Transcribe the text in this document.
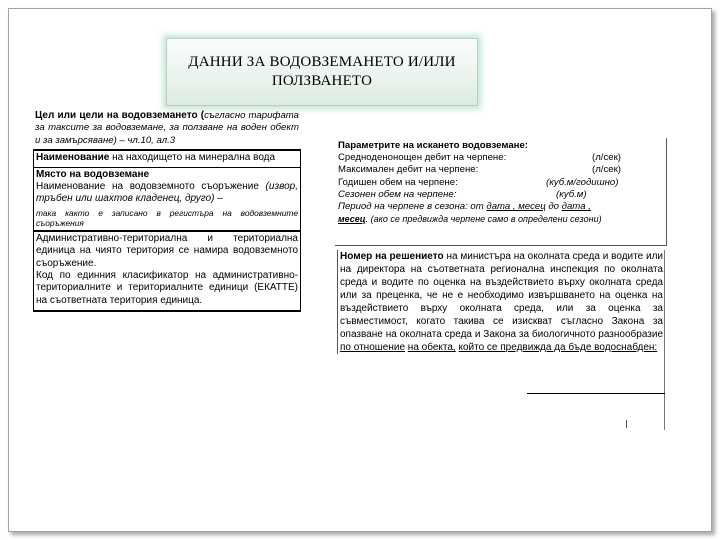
ДАННИ ЗА ВОДОВЗЕМАНЕТО И/ИЛИ
ПОЛЗВАНЕТО
Цел или цели на водовземането (съгласно тарифата за таксите за водовземане, за ползване на воден обект и за замърсяване) – чл.10, ал.3
Наименование на находището на минерална вода
Място на водовземане
Наименование на водовземното съоръжение (извор, тръбен или шахтов кладенец, друго) –
така както е записано в регистъра на водовземните съоръжения
Административно-териториална и териториална единица на чиято територия се намира водовземното съоръжение.
Код по единния класификатор на административно-териториалните и териториалните единици (ЕКАТТЕ) на съответната територия единица.
Параметрите на искането водовземане:
Средноденонощен дебит на черпене:	(л/сек)
Максимален дебит на черпене:	(л/сек)
Годишен обем на черпене:	(куб.м/годишно)
Сезонен обем на черпене:	(куб.м)
Период на черпене в сезона: от дата , месец до дата ,
месец. (ако се предвижда черпене само в определени сезони)
Номер на решението на министъра на околната среда и водите или на директора на съответната регионална инспекция по околната среда и водите по оценка на въздействието върху околната среда или за преценка, че не е необходимо извършването на оценка на въздействието върху околната среда, или за оценка за съвместимост, когато такива се изискват съгласно Закона за опазване на околната среда и Закона за биологичното разнообразие по отношение на обекта, който се предвижда да бъде водоснабден:
